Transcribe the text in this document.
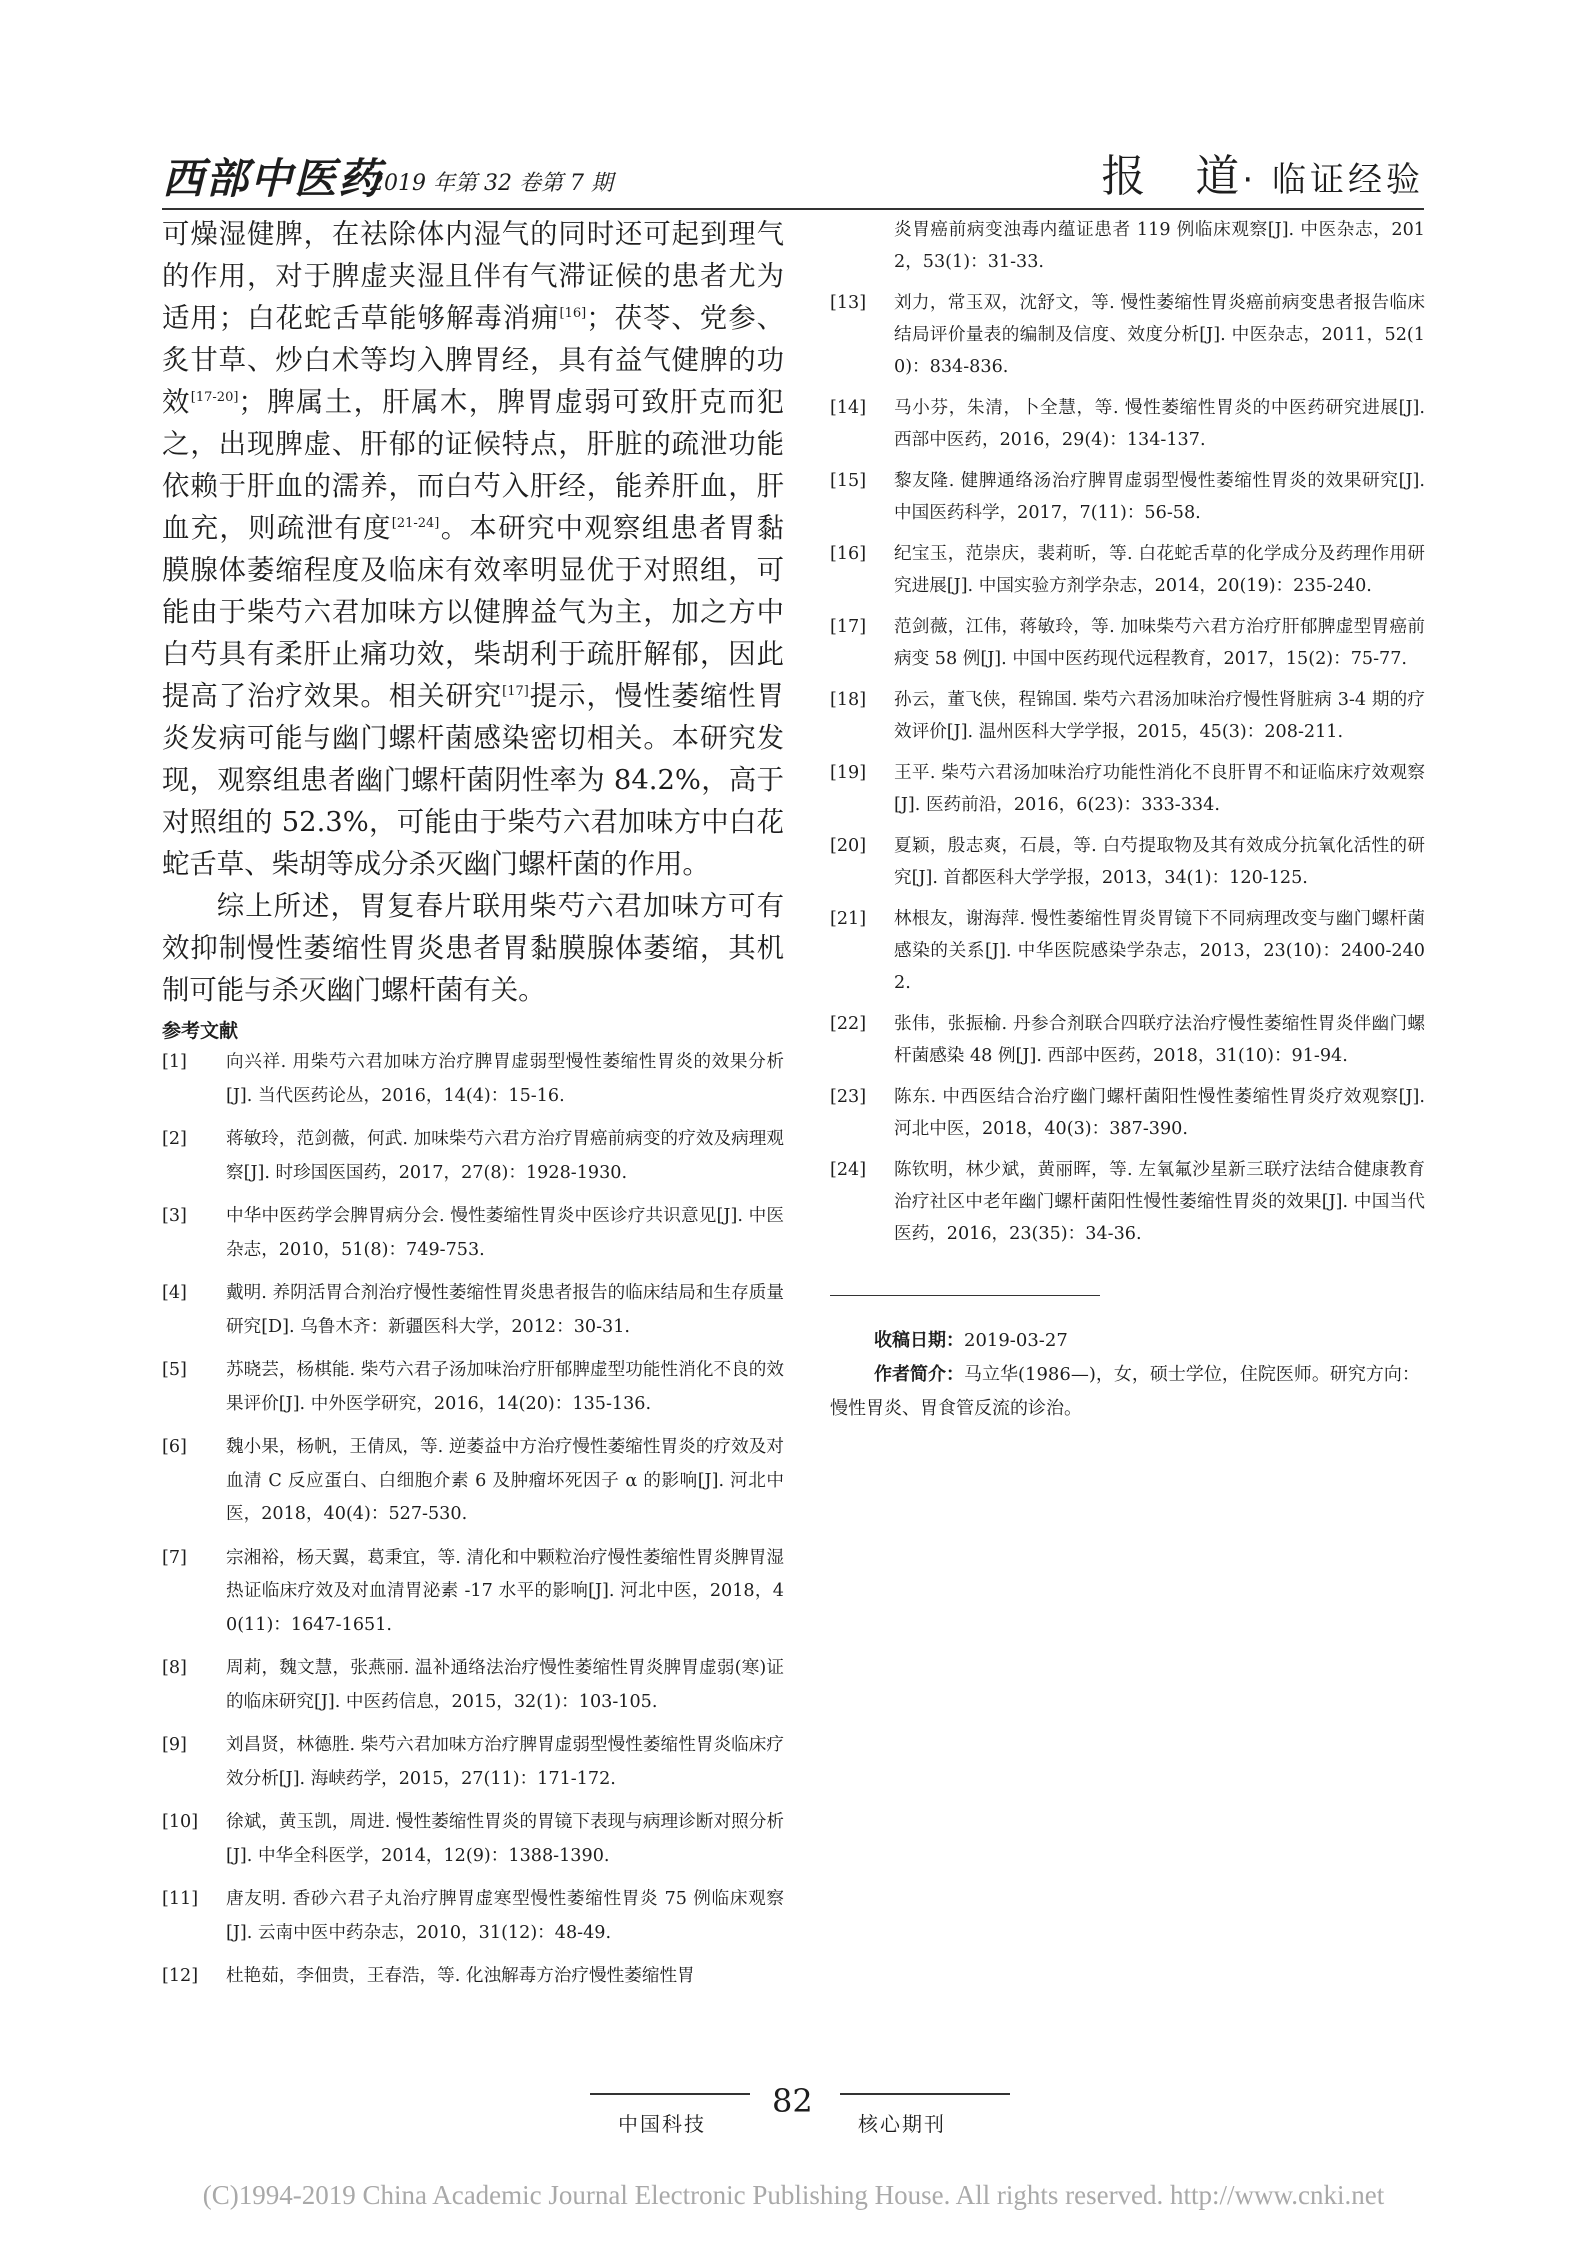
西部中医药
2019 年第 32 卷第 7 期	报　道· 临证经验

可燥湿健脾，在祛除体内湿气的同时还可起到理气的作用，对于脾虚夹湿且伴有气滞证候的患者尤为适用；白花蛇舌草能够解毒消痈[16]；茯苓、党参、炙甘草、炒白术等均入脾胃经，具有益气健脾的功效[17-20]；脾属土，肝属木，脾胃虚弱可致肝克而犯之，出现脾虚、肝郁的证候特点，肝脏的疏泄功能依赖于肝血的濡养，而白芍入肝经，能养肝血，肝血充，则疏泄有度[21-24]。本研究中观察组患者胃黏膜腺体萎缩程度及临床有效率明显优于对照组，可能由于柴芍六君加味方以健脾益气为主，加之方中白芍具有柔肝止痛功效，柴胡利于疏肝解郁，因此提高了治疗效果。相关研究[17]提示，慢性萎缩性胃炎发病可能与幽门螺杆菌感染密切相关。本研究发现，观察组患者幽门螺杆菌阴性率为 84.2%，高于对照组的 52.3%，可能由于柴芍六君加味方中白花蛇舌草、柴胡等成分杀灭幽门螺杆菌的作用。

综上所述，胃复春片联用柴芍六君加味方可有效抑制慢性萎缩性胃炎患者胃黏膜腺体萎缩，其机制可能与杀灭幽门螺杆菌有关。

参考文献
[1] 向兴祥. 用柴芍六君加味方治疗脾胃虚弱型慢性萎缩性胃炎的效果分析[J]. 当代医药论丛，2016，14(4)：15-16.
[2] 蒋敏玲，范剑薇，何武. 加味柴芍六君方治疗胃癌前病变的疗效及病理观察[J]. 时珍国医国药，2017，27(8)：1928-1930.
[3] 中华中医药学会脾胃病分会. 慢性萎缩性胃炎中医诊疗共识意见[J]. 中医杂志，2010，51(8)：749-753.
[4] 戴明. 养阴活胃合剂治疗慢性萎缩性胃炎患者报告的临床结局和生存质量研究[D]. 乌鲁木齐：新疆医科大学，2012：30-31.
[5] 苏晓芸，杨棋能. 柴芍六君子汤加味治疗肝郁脾虚型功能性消化不良的效果评价[J]. 中外医学研究，2016，14(20)：135-136.
[6] 魏小果，杨帆，王倩凤，等. 逆萎益中方治疗慢性萎缩性胃炎的疗效及对血清 C 反应蛋白、白细胞介素 6 及肿瘤坏死因子 α 的影响[J]. 河北中医，2018，40(4)：527-530.
[7] 宗湘裕，杨天翼，葛秉宜，等. 清化和中颗粒治疗慢性萎缩性胃炎脾胃湿热证临床疗效及对血清胃泌素 -17 水平的影响[J]. 河北中医，2018，40(11)：1647-1651.
[8] 周莉，魏文慧，张燕丽. 温补通络法治疗慢性萎缩性胃炎脾胃虚弱(寒)证的临床研究[J]. 中医药信息，2015，32(1)：103-105.
[9] 刘昌贤，林德胜. 柴芍六君加味方治疗脾胃虚弱型慢性萎缩性胃炎临床疗效分析[J]. 海峡药学，2015，27(11)：171-172.
[10] 徐斌，黄玉凯，周进. 慢性萎缩性胃炎的胃镜下表现与病理诊断对照分析[J]. 中华全科医学，2014，12(9)：1388-1390.
[11] 唐友明. 香砂六君子丸治疗脾胃虚寒型慢性萎缩性胃炎 75 例临床观察[J]. 云南中医中药杂志，2010，31(12)：48-49.
[12] 杜艳茹，李佃贵，王春浩，等. 化浊解毒方治疗慢性萎缩性胃
炎胃癌前病变浊毒内蕴证患者 119 例临床观察[J]. 中医杂志，2012，53(1)：31-33.
[13] 刘力，常玉双，沈舒文，等. 慢性萎缩性胃炎癌前病变患者报告临床结局评价量表的编制及信度、效度分析[J]. 中医杂志，2011，52(10)：834-836.
[14] 马小芬，朱清，卜全慧，等. 慢性萎缩性胃炎的中医药研究进展[J]. 西部中医药，2016，29(4)：134-137.
[15] 黎友隆. 健脾通络汤治疗脾胃虚弱型慢性萎缩性胃炎的效果研究[J]. 中国医药科学，2017，7(11)：56-58.
[16] 纪宝玉，范崇庆，裴莉昕，等. 白花蛇舌草的化学成分及药理作用研究进展[J]. 中国实验方剂学杂志，2014，20(19)：235-240.
[17] 范剑薇，江伟，蒋敏玲，等. 加味柴芍六君方治疗肝郁脾虚型胃癌前病变 58 例[J]. 中国中医药现代远程教育，2017，15(2)：75-77.
[18] 孙云，董飞侠，程锦国. 柴芍六君汤加味治疗慢性肾脏病 3-4 期的疗效评价[J]. 温州医科大学学报，2015，45(3)：208-211.
[19] 王平. 柴芍六君汤加味治疗功能性消化不良肝胃不和证临床疗效观察[J]. 医药前沿，2016，6(23)：333-334.
[20] 夏颖，殷志爽，石晨，等. 白芍提取物及其有效成分抗氧化活性的研究[J]. 首都医科大学学报，2013，34(1)：120-125.
[21] 林根友，谢海萍. 慢性萎缩性胃炎胃镜下不同病理改变与幽门螺杆菌感染的关系[J]. 中华医院感染学杂志，2013，23(10)：2400-2402.
[22] 张伟，张振榆. 丹参合剂联合四联疗法治疗慢性萎缩性胃炎伴幽门螺杆菌感染 48 例[J]. 西部中医药，2018，31(10)：91-94.
[23] 陈东. 中西医结合治疗幽门螺杆菌阳性慢性萎缩性胃炎疗效观察[J]. 河北中医，2018，40(3)：387-390.
[24] 陈钦明，林少斌，黄丽晖，等. 左氧氟沙星新三联疗法结合健康教育治疗社区中老年幽门螺杆菌阳性慢性萎缩性胃炎的效果[J]. 中国当代医药，2016，23(35)：34-36.
收稿日期：2019-03-27
作者简介：马立华(1986—)，女，硕士学位，住院医师。研究方向：慢性胃炎、胃食管反流的诊治。
中国科技
82
核心期刊
(C)1994-2019 China Academic Journal Electronic Publishing House. All rights reserved. http://www.cnki.net
